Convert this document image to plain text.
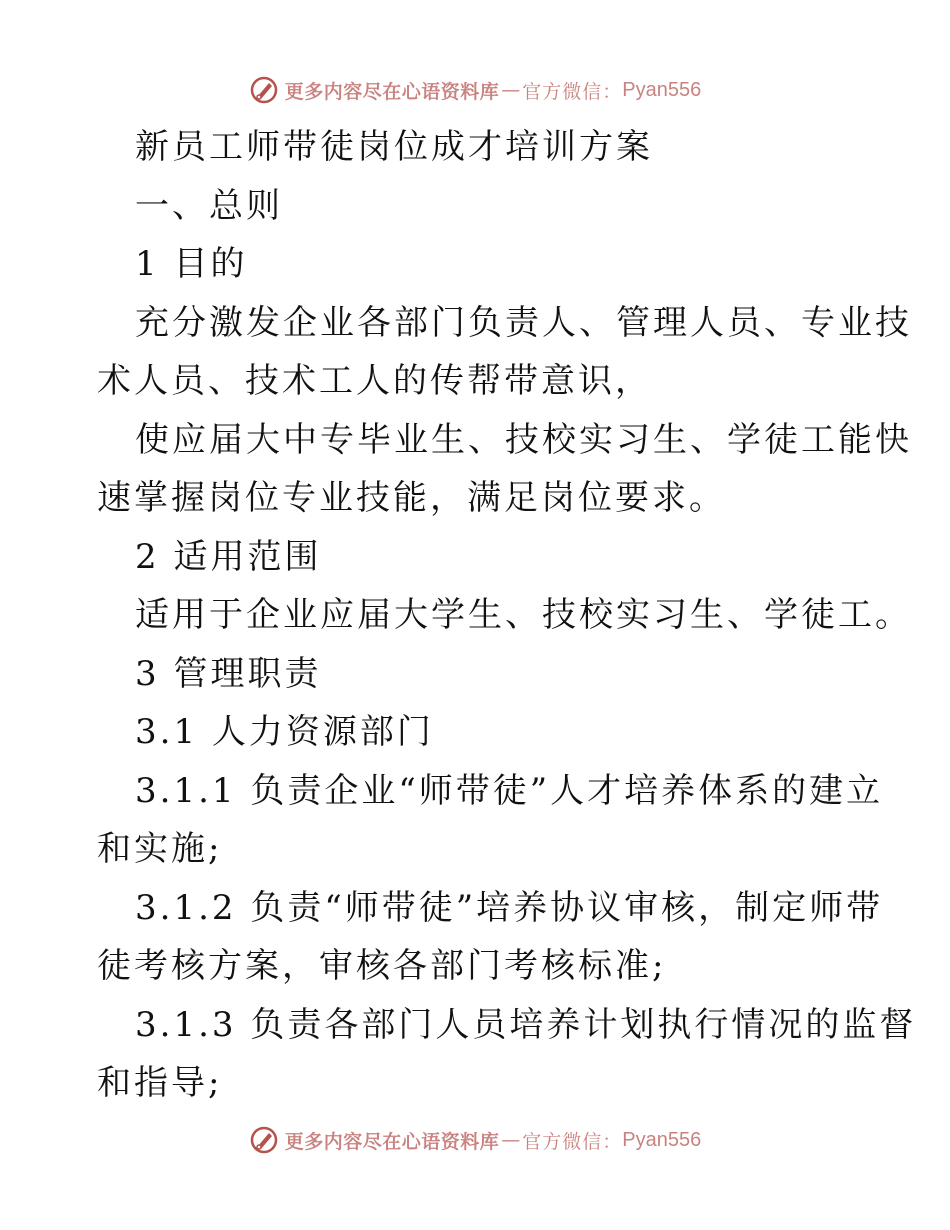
更多内容尽在心语资料库 — 官方微信： Pyan556
新员工师带徒岗位成才培训方案
一、总则
1 目的
充分激发企业各部门负责人、管理人员、专业技
术人员、技术工人的传帮带意识，
使应届大中专毕业生、技校实习生、学徒工能快
速掌握岗位专业技能，满足岗位要求。
2 适用范围
适用于企业应届大学生、技校实习生、学徒工。
3 管理职责
3.1 人力资源部门
3.1.1 负责企业“师带徒”人才培养体系的建立
和实施;
3.1.2 负责“师带徒”培养协议审核，制定师带
徒考核方案，审核各部门考核标准;
3.1.3 负责各部门人员培养计划执行情况的监督
和指导;
更多内容尽在心语资料库 — 官方微信： Pyan556
